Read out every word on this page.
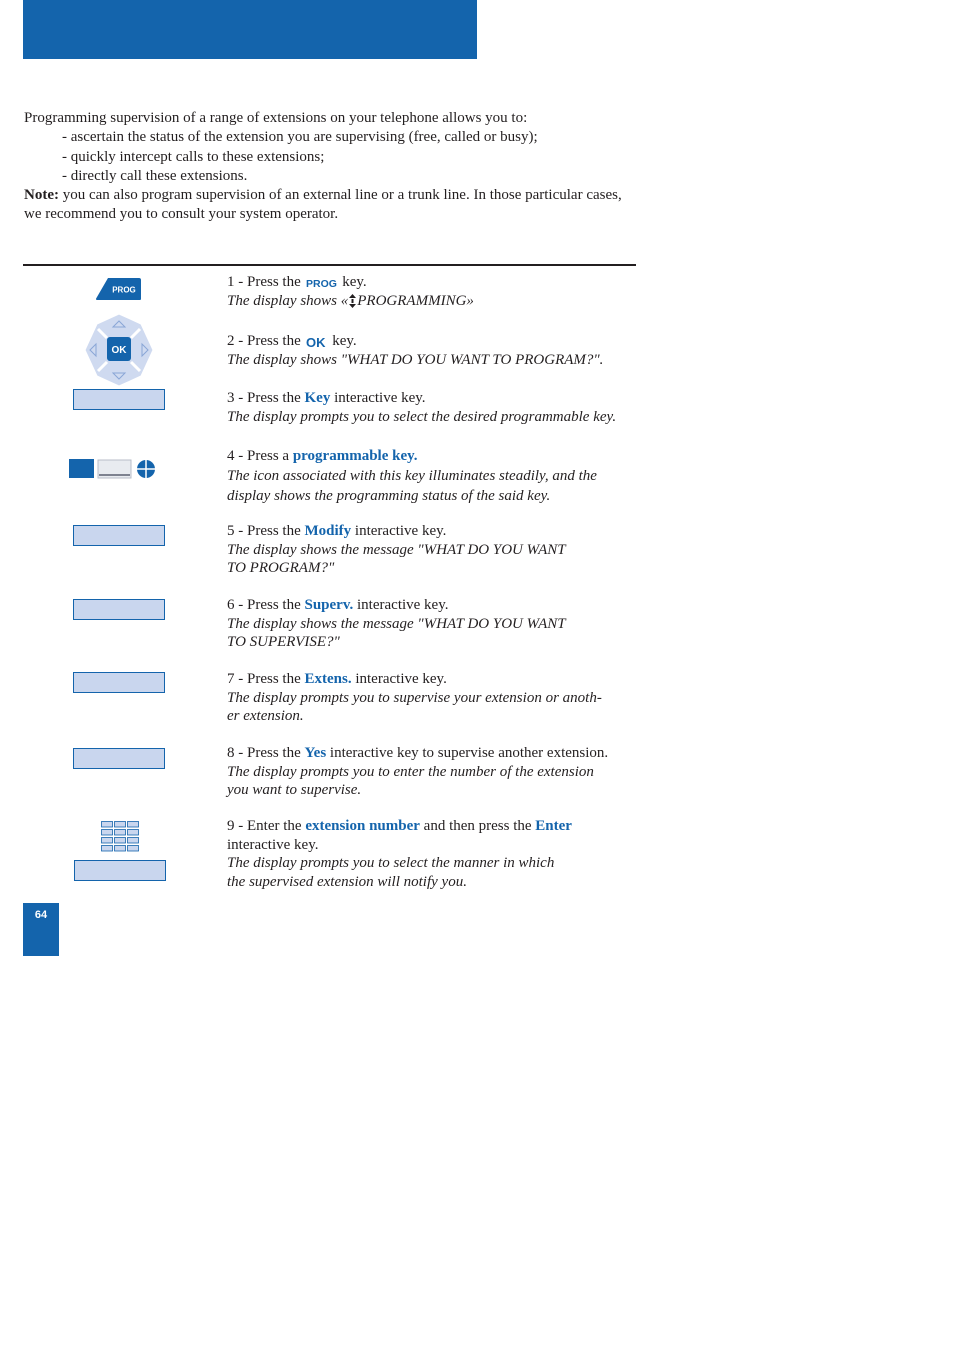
Programming supervision of a range of extensions on your telephone allows you to:

- ascertain the status of the extension you are supervising (free, called or busy);

- quickly intercept calls to these extensions;

- directly call these extensions.

Note: you can also program supervision of an external line or a trunk line. In those particular cases, we recommend you to consult your system operator.

PROG
OK
1 - Press the PROG key.
The display shows « PROGRAMMING»
2 - Press the OK key.
The display shows "WHAT DO YOU WANT TO PROGRAM?".
3 - Press the Key interactive key.
The display prompts you to select the desired programmable key.
4 - Press a programmable key.
The icon associated with this key illuminates steadily, and the display shows the programming status of the said key.
5 - Press the Modify interactive key.
The display shows the message "WHAT DO YOU WANT
TO PROGRAM?"
6 - Press the Superv. interactive key.
The display shows the message "WHAT DO YOU WANT
TO SUPERVISE?"
7 - Press the Extens. interactive key.
The display prompts you to supervise your extension or anoth-
er extension.
8 - Press the Yes interactive key to supervise another extension.
The display prompts you to enter the number of the extension
you want to supervise.
9 - Enter the extension number and then press the Enter
interactive key.
The display prompts you to select the manner in which
the supervised extension will notify you.
64
